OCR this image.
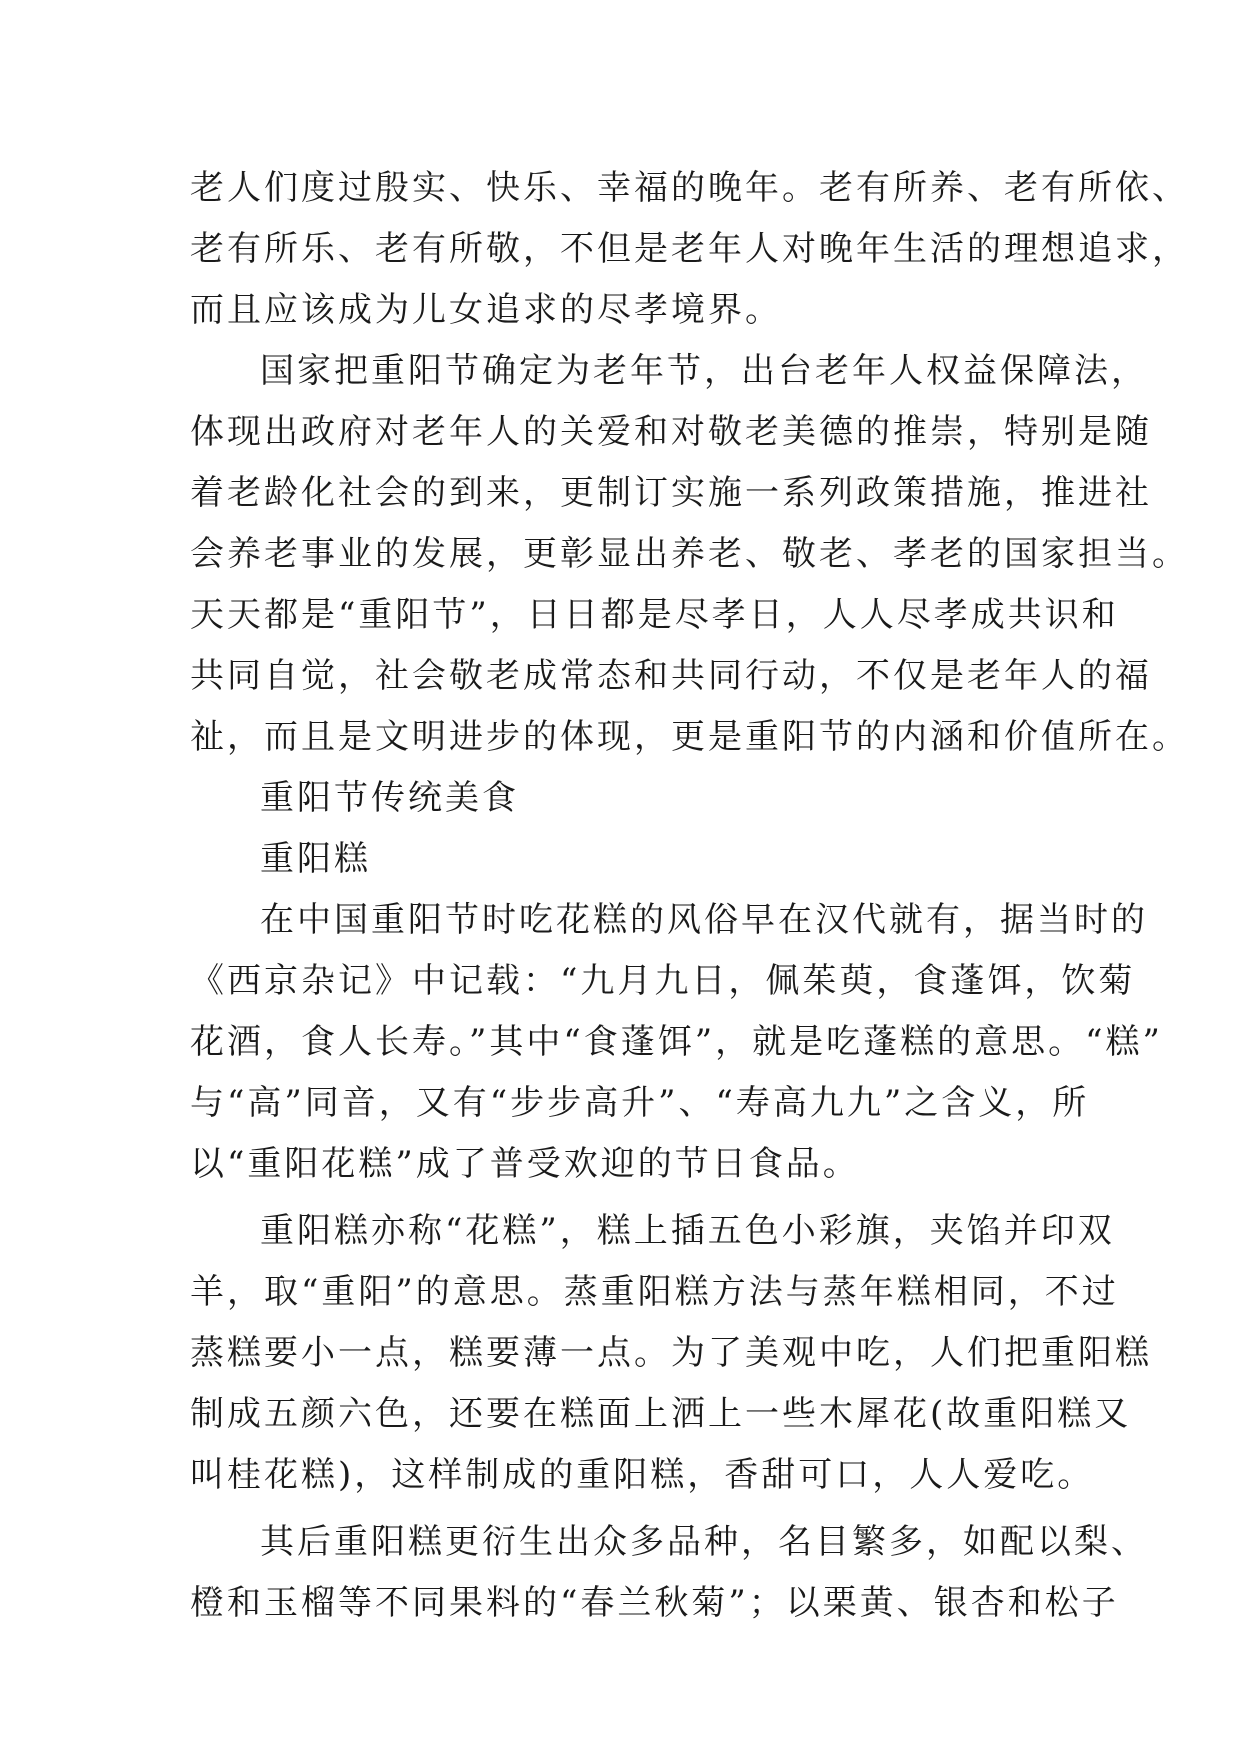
老人们度过殷实、快乐、幸福的晚年。老有所养、老有所依、
老有所乐、老有所敬，不但是老年人对晚年生活的理想追求，
而且应该成为儿女追求的尽孝境界。
国家把重阳节确定为老年节，出台老年人权益保障法，
体现出政府对老年人的关爱和对敬老美德的推崇，特别是随
着老龄化社会的到来，更制订实施一系列政策措施，推进社
会养老事业的发展，更彰显出养老、敬老、孝老的国家担当。
天天都是“重阳节”，日日都是尽孝日，人人尽孝成共识和
共同自觉，社会敬老成常态和共同行动，不仅是老年人的福
祉，而且是文明进步的体现，更是重阳节的内涵和价值所在。
重阳节传统美食
重阳糕
在中国重阳节时吃花糕的风俗早在汉代就有，据当时的
《西京杂记》中记载：“九月九日，佩茱萸，食蓬饵，饮菊
花酒，食人长寿。”其中“食蓬饵”，就是吃蓬糕的意思。“糕”
与“高”同音，又有“步步高升”、“寿高九九”之含义，所
以“重阳花糕”成了普受欢迎的节日食品。
重阳糕亦称“花糕”，糕上插五色小彩旗，夹馅并印双
羊，取“重阳”的意思。蒸重阳糕方法与蒸年糕相同，不过
蒸糕要小一点，糕要薄一点。为了美观中吃，人们把重阳糕
制成五颜六色，还要在糕面上洒上一些木犀花(故重阳糕又
叫桂花糕)，这样制成的重阳糕，香甜可口，人人爱吃。
其后重阳糕更衍生出众多品种，名目繁多，如配以梨、
橙和玉榴等不同果料的“春兰秋菊”；以栗黄、银杏和松子
